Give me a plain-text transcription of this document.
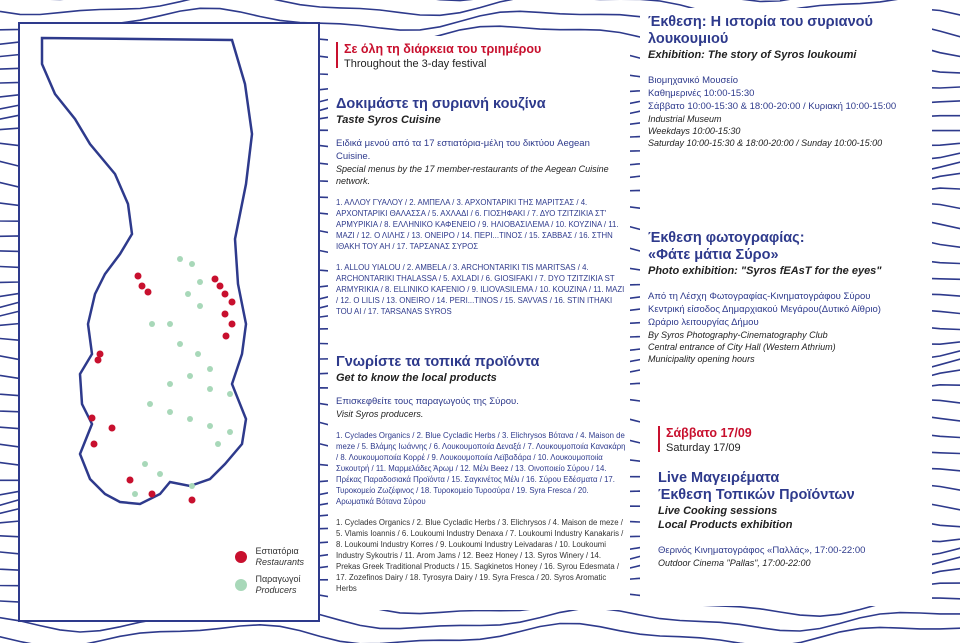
Εστιατόρια
Restaurants

Παραγωγοί
Producers
Σε όλη τη διάρκεια του τριημέρου
Throughout the 3-day festival
Δοκιμάστε τη συριανή κουζίνα
Taste Syros Cuisine
Ειδικά μενού από τα 17 εστιατόρια-μέλη του δικτύου Aegean Cuisine.
Special menus by the 17 member-restaurants of the Aegean Cuisine network.
1. ΑΛΛΟΥ ΓΥΑΛΟΥ / 2. ΑΜΠΕΛΑ / 3. ΑΡΧΟΝΤΑΡΙΚΙ ΤΗΣ ΜΑΡΙΤΣΑΣ / 4. ΑΡΧΟΝΤΑΡΙΚΙ ΘΑΛΑΣΣΑ / 5. ΑΧΛΑΔΙ / 6. ΓΙΟΣΗΦΑΚΙ / 7. ΔΥΟ ΤΖΙΤΖΙΚΙΑ ΣΤ' ΑΡΜΥΡΙΚΙΑ / 8. ΕΛΛΗΝΙΚΟ ΚΑΦΕΝΕΙΟ / 9. ΗΛΙΟΒΑΣΙΛΕΜΑ / 10. ΚΟΥΖΙΝΑ / 11. ΜΑΖΙ / 12. Ο ΛΙΛΗΣ / 13. ΟΝΕΙΡΟ / 14. ΠΕΡΙ...ΤΙΝΟΣ / 15. ΣΑΒΒΑΣ / 16. ΣΤΗΝ ΙΘΑΚΗ ΤΟΥ ΑΗ / 17. ΤΑΡΣΑΝΑΣ ΣΥΡΟΣ
1. ALLOU YIALOU / 2. AMBELA / 3. ARCHONTARIKI TIS MARITSAS / 4. ARCHONTARIKI THALASSA / 5. AXLADI / 6. GIOSIFAKI / 7. DYO TZITZIKIA ST ARMYRIKIA / 8. ELLINIKO KAFENIO / 9. ILIOVASILEMA / 10. KOUZINA / 11. MAZI / 12. O LILIS / 13. ONEIRO / 14. PERI...TINOS / 15. SAVVAS / 16. STIN ITHAKI TOU AI / 17. TARSANAS SYROS
Γνωρίστε τα τοπικά προϊόντα
Get to know the local products
Επισκεφθείτε τους παραγωγούς της Σύρου.
Visit Syros producers.
1. Cyclades Organics / 2. Blue Cycladic Herbs / 3. Elichrysos Βότανα / 4. Maison de meze / 5. Βλάμης Ιωάννης / 6. Λουκουμοποιία Δεναξά / 7. Λουκουμοποιία Κανακάρη / 8. Λουκουμοποιία Κορρέ / 9. Λουκουμοποιία Λεϊβαδάρα / 10. Λουκουμοποιία Συκουτρή / 11. Μαρμελάδες Άρωμ / 12. Μέλι Beez / 13. Οινοποιείο Σύρου / 14. Πρέκας Παραδοσιακά Προϊόντα / 15. Σαγκινέτος Μέλι / 16. Σύρου Εδέσματα / 17. Τυροκομείο Ζωζέφινος / 18. Τυροκομείο Τυροσύρα / 19. Syra Fresca / 20. Αρωματικά Βότανα Σύρου
1. Cyclades Organics / 2. Blue Cycladic Herbs / 3. Elichrysos / 4. Maison de meze / 5. Vlamis Ioannis / 6. Loukoumi Industry Denaxa / 7. Loukoumi Industry Kanakaris / 8. Loukoumi Industry Korres / 9. Loukoumi Industry Leivadaras / 10. Loukoumi Industry Sykoutris / 11. Arom Jams / 12. Beez Honey / 13. Syros Winery / 14. Prekas Greek Traditional Products / 15. Sagkinetos Honey / 16. Syrou Edesmata / 17. Zozefinos Dairy / 18. Tyrosyra Dairy / 19. Syra Fresca / 20. Syros Aromatic Herbs
Έκθεση: Η ιστορία του συριανού λουκουμιού
Exhibition: The story of Syros loukoumi
Βιομηχανικό Μουσείο
Καθημερινές 10:00-15:30
Σάββατο 10:00-15:30 & 18:00-20:00 / Κυριακή 10:00-15:00
Industrial Museum
Weekdays 10:00-15:30
Saturday 10:00-15:30 & 18:00-20:00 / Sunday 10:00-15:00
Έκθεση φωτογραφίας:
«Φάτε μάτια Σύρο»
Photo exhibition: "Syros fEAsT for the eyes"
Από τη Λέσχη Φωτογραφίας-Κινηματογράφου Σύρου
Κεντρική είσοδος Δημαρχιακού Μεγάρου(Δυτικό Αίθριο)
Ωράριο λειτουργίας Δήμου
By Syros Photography-Cinematography Club
Central entrance of City Hall (Western Athrium)
Municipality opening hours
Σάββατο 17/09
Saturday 17/09
Live Μαγειρέματα
Έκθεση Τοπικών Προϊόντων
Live Cooking sessions
Local Products exhibition
Θερινός Κινηματογράφος «Παλλάς», 17:00-22:00
Outdoor Cinema "Pallas", 17:00-22:00
